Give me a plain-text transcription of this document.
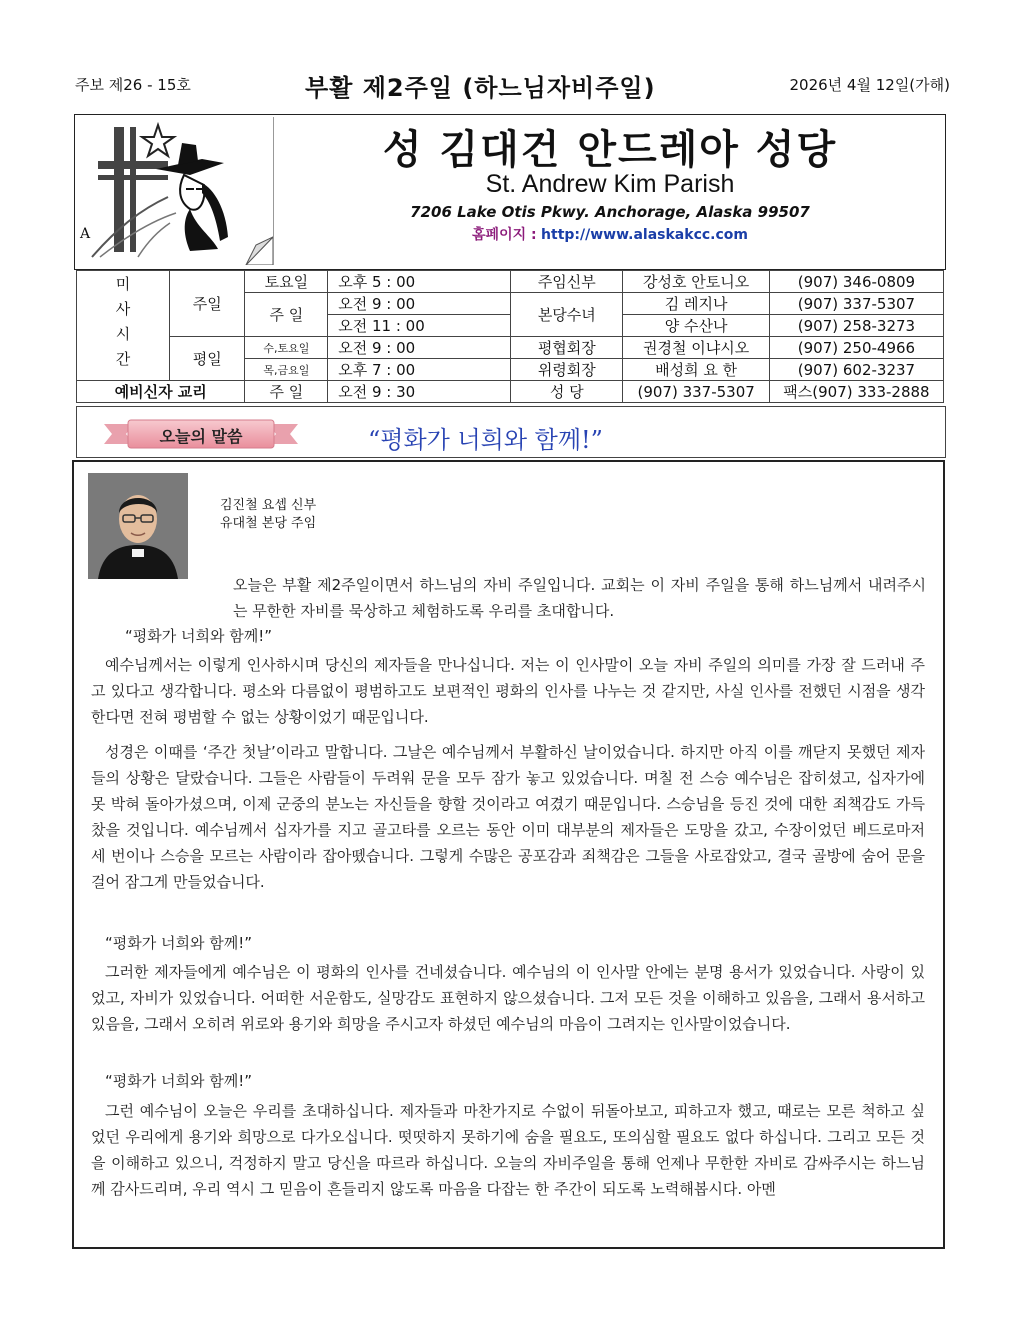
주보 제26 - 15호	부활 제2주일 (하느님자비주일)	2026년 4월 12일(가해)
A
성 김대건 안드레아 성당
St. Andrew Kim Parish
7206 Lake Otis Pkwy. Anchorage, Alaska 99507
홈페이지 : http://www.alaskakcc.com
미사시간	주일	토요일	오후 5 : 00	주임신부	강성호 안토니오	(907) 346-0809
		주 일	오전 9 : 00	본당수녀	김 레지나	(907) 337-5307
			오전 11 : 00		양 수산나	(907) 258-3273
	평일	수,토요일	오전 9 : 00	평협회장	권경철 이냐시오	(907) 250-4966
		목,금요일	오후 7 : 00	위령회장	배성희 요 한	(907) 602-3237
예비신자 교리		주 일	오전 9 : 30	성 당	(907) 337-5307	팩스(907) 333-2888
오늘의 말씀	“평화가 너희와 함께!”
김진철 요셉 신부
유대철 본당 주임
오늘은 부활 제2주일이면서 하느님의 자비 주일입니다. 교회는 이 자비 주일을 통해 하느님께서 내려주시는 무한한 자비를 묵상하고 체험하도록 우리를 초대합니다.
“평화가 너희와 함께!”
예수님께서는 이렇게 인사하시며 당신의 제자들을 만나십니다. 저는 이 인사말이 오늘 자비 주일의 의미를 가장 잘 드러내 주고 있다고 생각합니다. 평소와 다름없이 평범하고도 보편적인 평화의 인사를 나누는 것 같지만, 사실 인사를 전했던 시점을 생각한다면 전혀 평범할 수 없는 상황이었기 때문입니다.
성경은 이때를 ‘주간 첫날’이라고 말합니다. 그날은 예수님께서 부활하신 날이었습니다. 하지만 아직 이를 깨닫지 못했던 제자들의 상황은 달랐습니다. 그들은 사람들이 두려워 문을 모두 잠가 놓고 있었습니다. 며칠 전 스승 예수님은 잡히셨고, 십자가에 못 박혀 돌아가셨으며, 이제 군중의 분노는 자신들을 향할 것이라고 여겼기 때문입니다. 스승님을 등진 것에 대한 죄책감도 가득 찼을 것입니다. 예수님께서 십자가를 지고 골고타를 오르는 동안 이미 대부분의 제자들은 도망을 갔고, 수장이었던 베드로마저 세 번이나 스승을 모르는 사람이라 잡아뗐습니다. 그렇게 수많은 공포감과 죄책감은 그들을 사로잡았고, 결국 골방에 숨어 문을 걸어 잠그게 만들었습니다.
“평화가 너희와 함께!”
그러한 제자들에게 예수님은 이 평화의 인사를 건네셨습니다. 예수님의 이 인사말 안에는 분명 용서가 있었습니다. 사랑이 있었고, 자비가 있었습니다. 어떠한 서운함도, 실망감도 표현하지 않으셨습니다. 그저 모든 것을 이해하고 있음을, 그래서 용서하고 있음을, 그래서 오히려 위로와 용기와 희망을 주시고자 하셨던 예수님의 마음이 그려지는 인사말이었습니다.
“평화가 너희와 함께!”
그런 예수님이 오늘은 우리를 초대하십니다. 제자들과 마찬가지로 수없이 뒤돌아보고, 피하고자 했고, 때로는 모른 척하고 싶었던 우리에게 용기와 희망으로 다가오십니다. 떳떳하지 못하기에 숨을 필요도, 또의심할 필요도 없다 하십니다. 그리고 모든 것을 이해하고 있으니, 걱정하지 말고 당신을 따르라 하십니다. 오늘의 자비주일을 통해 언제나 무한한 자비로 감싸주시는 하느님께 감사드리며, 우리 역시 그 믿음이 흔들리지 않도록 마음을 다잡는 한 주간이 되도록 노력해봅시다. 아멘
